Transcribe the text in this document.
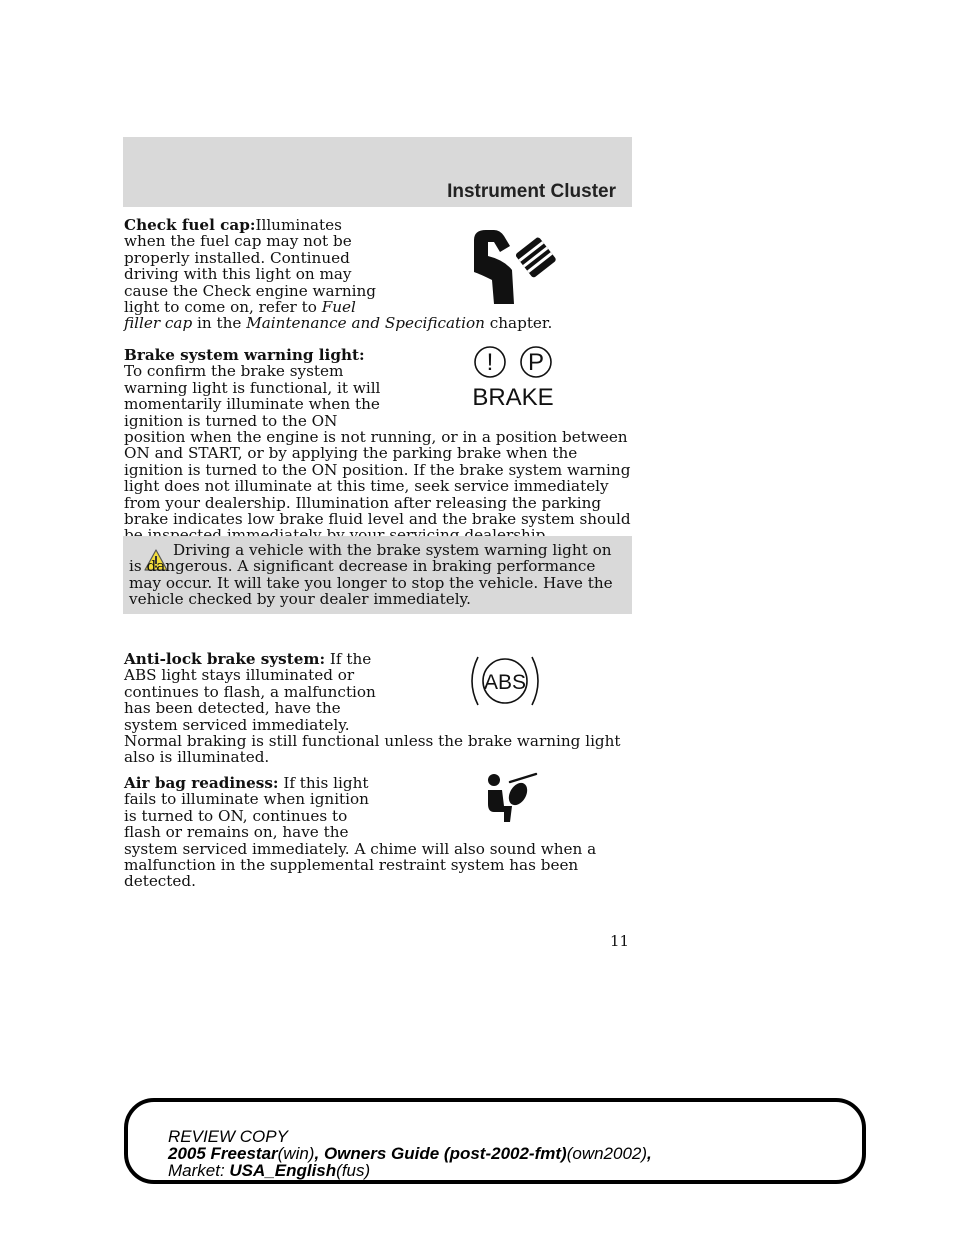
Instrument Cluster
Check fuel cap:Illuminates when the fuel cap may not be properly installed. Continued driving with this light on may cause the Check engine warning light to come on, refer to Fuel filler cap in the Maintenance and Specification chapter.
Brake system warning light: To confirm the brake system warning light is functional, it will momentarily illuminate when the ignition is turned to the ON position when the engine is not running, or in a position between ON and START, or by applying the parking brake when the ignition is turned to the ON position. If the brake system warning light does not illuminate at this time, seek service immediately from your dealership. Illumination after releasing the parking brake indicates low brake fluid level and the brake system should
! P
BRAKE
Driving a vehicle with the brake system warning light on is dangerous. A significant decrease in braking performance may occur. It will take you longer to stop the vehicle. Have the vehicle checked by your dealer immediately.
Anti-lock brake system: If the ABS light stays illuminated or continues to flash, a malfunction has been detected, have the system serviced immediately. Normal braking is still functional unless the brake warning light also is illuminated.
ABS
Air bag readiness: If this light fails to illuminate when ignition is turned to ON, continues to flash or remains on, have the system serviced immediately. A chime will also sound when a malfunction in the supplemental restraint system has been detected.
11
REVIEW COPY
2005 Freestar(win), Owners Guide (post-2002-fmt)(own2002),
Market: USA_English(fus)
